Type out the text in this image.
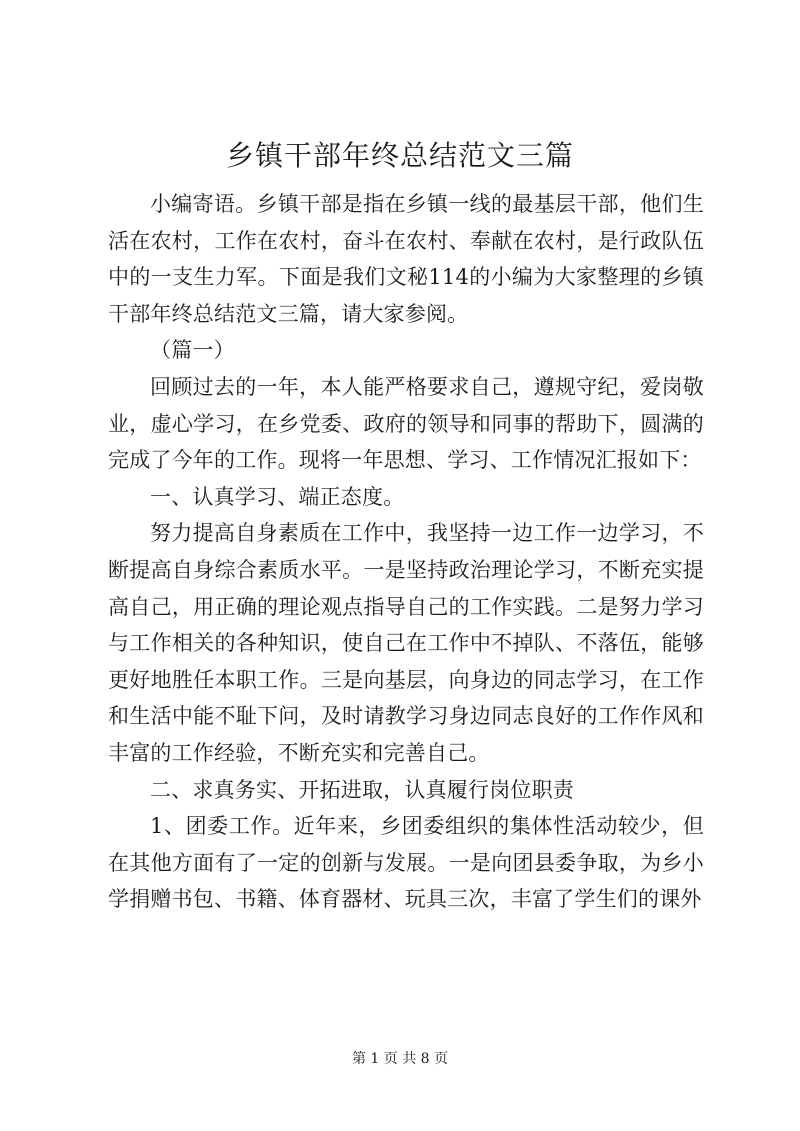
乡镇干部年终总结范文三篇

小编寄语。乡镇干部是指在乡镇一线的最基层干部，他们生活在农村，工作在农村，奋斗在农村、奉献在农村，是行政队伍中的一支生力军。下面是我们文秘114的小编为大家整理的乡镇干部年终总结范文三篇，请大家参阅。

（篇一）

回顾过去的一年，本人能严格要求自己，遵规守纪，爱岗敬业，虚心学习，在乡党委、政府的领导和同事的帮助下，圆满的完成了今年的工作。现将一年思想、学习、工作情况汇报如下：

一、认真学习、端正态度。

努力提高自身素质在工作中，我坚持一边工作一边学习，不断提高自身综合素质水平。一是坚持政治理论学习，不断充实提高自己，用正确的理论观点指导自己的工作实践。二是努力学习与工作相关的各种知识，使自己在工作中不掉队、不落伍，能够更好地胜任本职工作。三是向基层，向身边的同志学习，在工作和生活中能不耻下问，及时请教学习身边同志良好的工作作风和丰富的工作经验，不断充实和完善自己。

二、求真务实、开拓进取，认真履行岗位职责

1、团委工作。近年来，乡团委组织的集体性活动较少，但在其他方面有了一定的创新与发展。一是向团县委争取，为乡小学捐赠书包、书籍、体育器材、玩具三次，丰富了学生们的课外

第 1 页 共 8 页
